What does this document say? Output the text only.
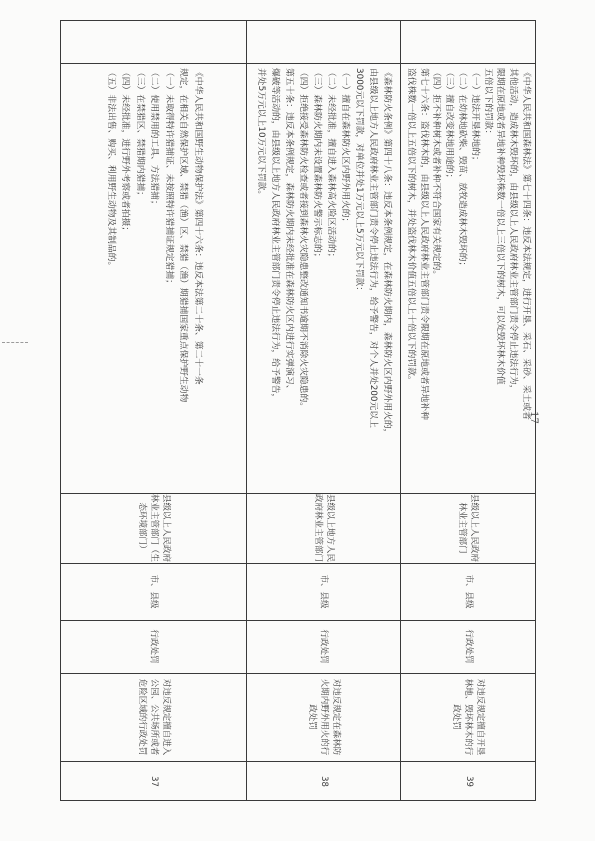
《中华人民共和国野生动物保护法》第四十六条：违反本法第二十条、第二十一条

规定，在相关自然保护区域、禁猎（渔）区、禁猎（渔）期猎捕国家重点保护野生动物

（一）未取得特许猎捕证、未按照特许猎捕证规定猎捕；

（二）使用禁用的工具、方法猎捕；

（三）在禁猎区、禁猎期内猎捕；

（四）未经批准，进行野外考察或者拍摄；

（五）非法出售、购买、利用野生动物及其制品的。

县级以上人民政府林业主管部门（生态环境部门）
市、县级
行政处罚
对违反规定擅自进入公园、公共场所或者危险区域的行政处罚
37

《森林防火条例》第四十八条：违反本条例规定，在森林防火期内，森林防火区内野外用火的，

由县级以上地方人民政府林业主管部门责令停止违法行为，给予警告，对个人并处200元以上

3000元以下罚款，对单位并处1万元以上5万元以下罚款：

（一）擅自在森林防火区内野外用火的；

（二）未经批准，擅自进入森林高火险区活动的；

（三）森林防火期内未设置森林防火警示标志的；

（四）拒绝接受森林防火检查或者接到森林火灾隐患整改通知书逾期不消除火灾隐患的。

第五十条：违反本条例规定，森林防火期内未经批准在森林防火区内进行实弹演习、

爆破等活动的，由县级以上地方人民政府林业主管部门责令停止违法行为，给予警告，

并处5万元以上10万元以下罚款。

县级以上地方人民政府林业主管部门
市、县级
行政处罚
对违反规定在森林防火期内野外用火的行政处罚
38

《中华人民共和国森林法》第七十四条：违反本法规定，进行开垦、采石、采砂、采土或者

其他活动，造成林木毁坏的，由县级以上人民政府林业主管部门责令停止违法行为，

限期在原地或者异地补种毁坏株数一倍以上三倍以下的树木，可以处毁坏林木价值

五倍以下的罚款：

（一）违法开垦林地的；

（二）在幼林地砍柴、毁苗、放牧造成林木毁坏的；

（三）擅自改变林地用途的；

（四）拒不补种树木或者补种不符合国家有关规定的。

第七十六条：盗伐林木的，由县级以上人民政府林业主管部门责令限期在原地或者异地补种

盗伐株数一倍以上五倍以下的树木，并处盗伐林木价值五倍以上十倍以下的罚款。

县级以上人民政府林业主管部门
市、县级
行政处罚
对违反规定擅自开垦林地、毁坏林木的行政处罚
39
17
